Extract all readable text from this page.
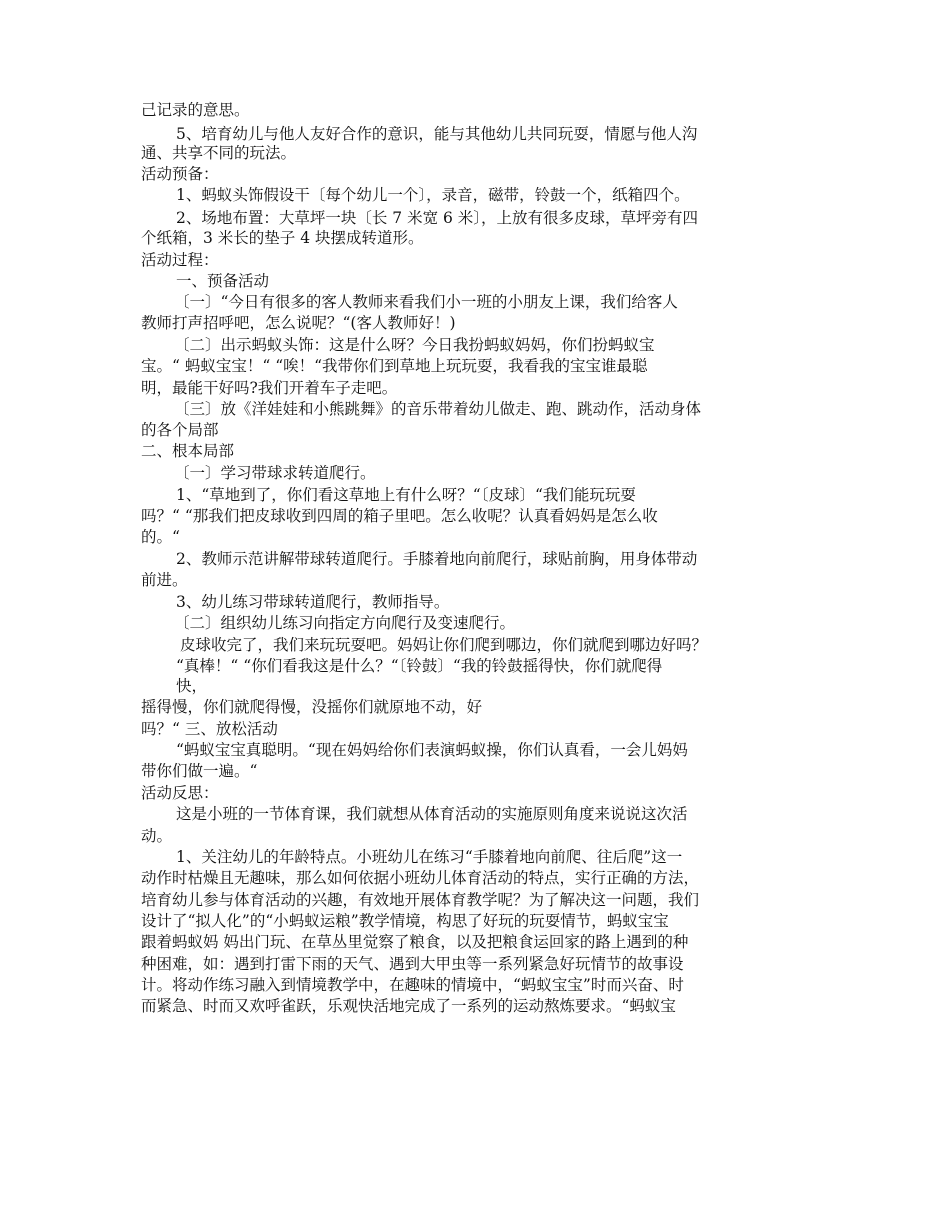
己记录的意思。
5、培育幼儿与他人友好合作的意识，能与其他幼儿共同玩耍，情愿与他人沟
通、共享不同的玩法。
活动预备：
1、蚂蚁头饰假设干〔每个幼儿一个〕，录音，磁带，铃鼓一个，纸箱四个。
2、场地布置：大草坪一块〔长 7 米宽 6 米〕，上放有很多皮球，草坪旁有四
个纸箱，3 米长的垫子 4 块摆成转道形。
活动过程：
一、预备活动
〔一〕“今日有很多的客人教师来看我们小一班的小朋友上课，我们给客人
教师打声招呼吧，怎么说呢？“(客人教师好！)
〔二〕出示蚂蚁头饰：这是什么呀？今日我扮蚂蚁妈妈，你们扮蚂蚁宝
宝。“ 蚂蚁宝宝！“ “唉！“我带你们到草地上玩玩耍，我看我的宝宝谁最聪
明，最能干好吗?我们开着车子走吧。
〔三〕放《洋娃娃和小熊跳舞》的音乐带着幼儿做走、跑、跳动作，活动身体
的各个局部
二、根本局部
〔一〕学习带球求转道爬行。
1、“草地到了，你们看这草地上有什么呀？“〔皮球〕“我们能玩玩耍
吗？“ “那我们把皮球收到四周的箱子里吧。怎么收呢？认真看妈妈是怎么收
的。“
2、教师示范讲解带球转道爬行。手膝着地向前爬行，球贴前胸，用身体带动
前进。
3、幼儿练习带球转道爬行，教师指导。
〔二〕组织幼儿练习向指定方向爬行及变速爬行。
皮球收完了，我们来玩玩耍吧。妈妈让你们爬到哪边，你们就爬到哪边好吗？
“真棒！“ “你们看我这是什么？“〔铃鼓〕“我的铃鼓摇得快，你们就爬得
快，
摇得慢，你们就爬得慢，没摇你们就原地不动，好
吗？“ 三、放松活动
“蚂蚁宝宝真聪明。“现在妈妈给你们表演蚂蚁操，你们认真看，一会儿妈妈
带你们做一遍。“
活动反思：
这是小班的一节体育课，我们就想从体育活动的实施原则角度来说说这次活
动。
1、关注幼儿的年龄特点。小班幼儿在练习“手膝着地向前爬、往后爬”这一
动作时枯燥且无趣味，那么如何依据小班幼儿体育活动的特点，实行正确的方法，
培育幼儿参与体育活动的兴趣，有效地开展体育教学呢？为了解决这一问题，我们
设计了“拟人化”的“小蚂蚁运粮”教学情境，构思了好玩的玩耍情节，蚂蚁宝宝
跟着蚂蚁妈 妈出门玩、在草丛里觉察了粮食，以及把粮食运回家的路上遇到的种
种困难，如：遇到打雷下雨的天气、遇到大甲虫等一系列紧急好玩情节的故事设
计。将动作练习融入到情境教学中，在趣味的情境中，“蚂蚁宝宝”时而兴奋、时
而紧急、时而又欢呼雀跃，乐观快活地完成了一系列的运动熬炼要求。“蚂蚁宝
